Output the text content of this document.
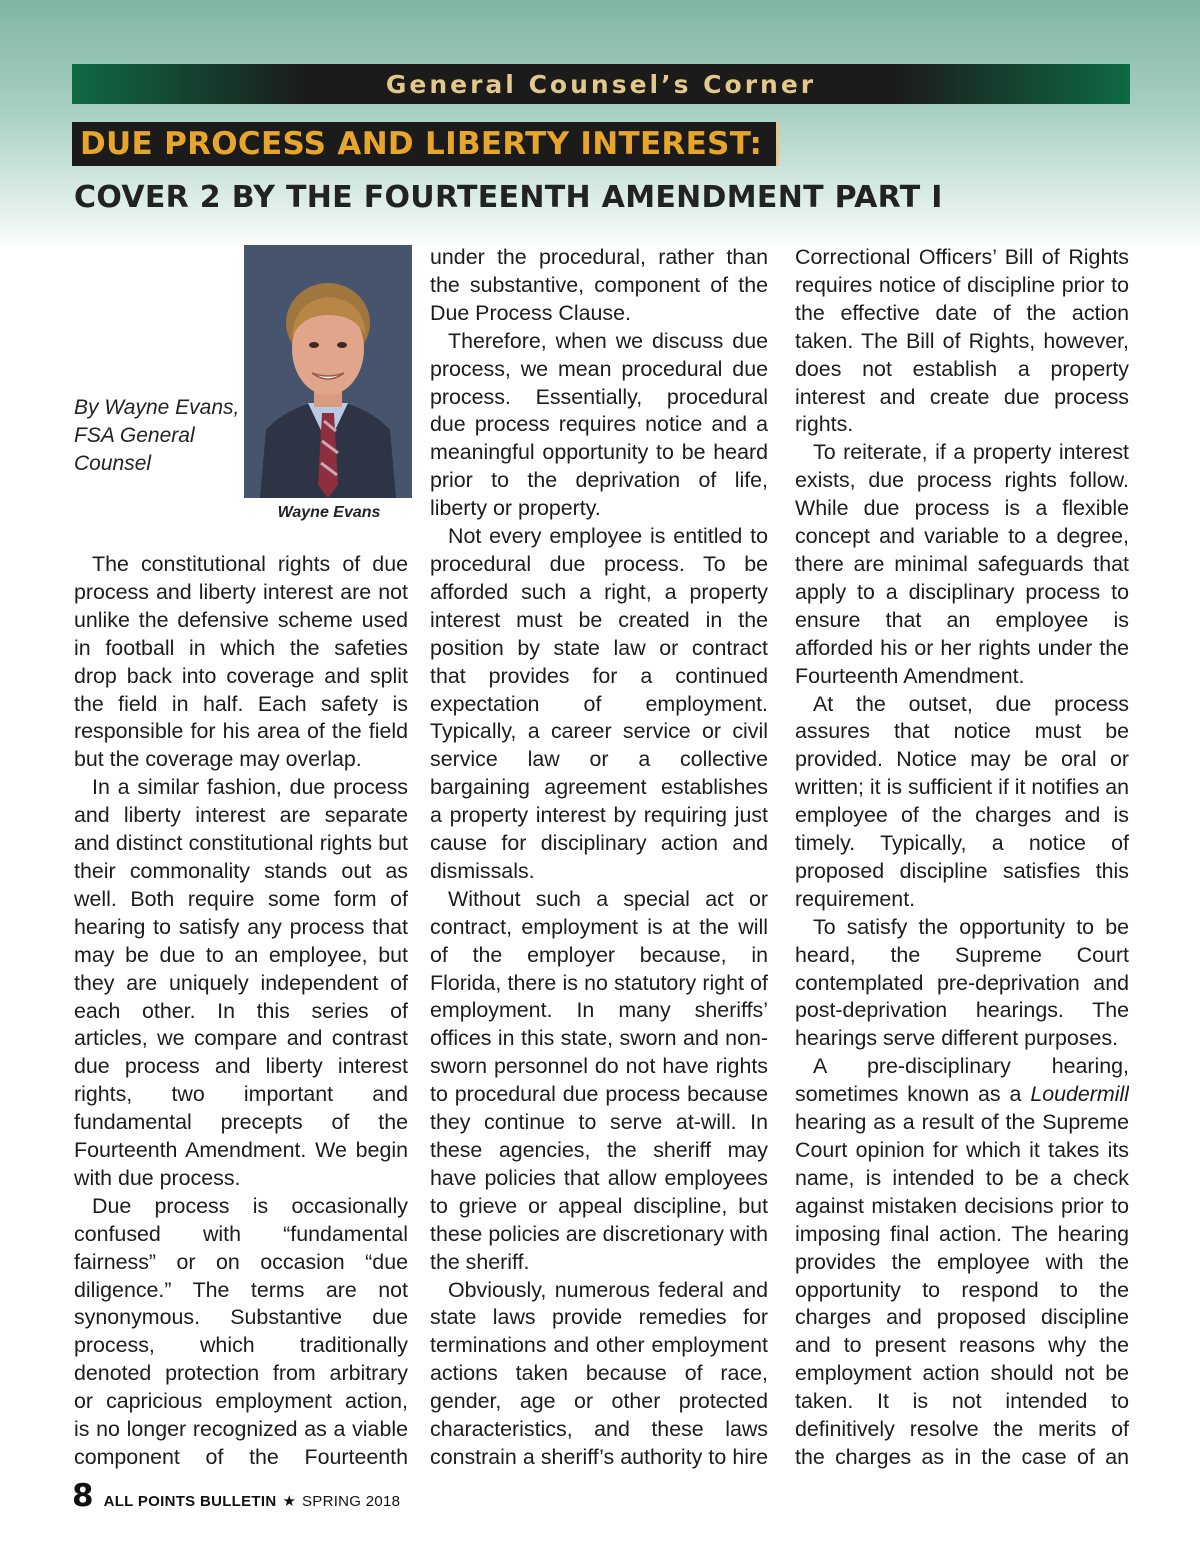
General Counsel’s Corner
DUE PROCESS AND LIBERTY INTEREST:
COVER 2 BY THE FOURTEENTH AMENDMENT PART I
By Wayne Evans,
FSA General
Counsel
Wayne Evans

The constitutional rights of due process and liberty interest are not unlike the defensive scheme used in football in which the safeties drop back into coverage and split the field in half. Each safety is responsible for his area of the field but the coverage may overlap.

In a similar fashion, due process and liberty interest are separate and distinct constitutional rights but their commonality stands out as well. Both require some form of hearing to satisfy any process that may be due to an employee, but they are uniquely independent of each other. In this series of articles, we compare and contrast due process and liberty interest rights, two important and fundamental precepts of the Fourteenth Amendment. We begin with due process.

Due process is occasionally confused with “fundamental fairness” or on occasion “due diligence.” The terms are not synonymous. Substantive due process, which traditionally denoted protection from arbitrary or capricious employment action, is no longer recognized as a viable component of the Fourteenth

under the procedural, rather than the substantive, component of the Due Process Clause.

Therefore, when we discuss due process, we mean procedural due process. Essentially, procedural due process requires notice and a meaningful opportunity to be heard prior to the deprivation of life, liberty or property.

Not every employee is entitled to procedural due process. To be afforded such a right, a property interest must be created in the position by state law or contract that provides for a continued expectation of employment. Typically, a career service or civil service law or a collective bargaining agreement establishes a property interest by requiring just cause for disciplinary action and dismissals.

Without such a special act or contract, employment is at the will of the employer because, in Florida, there is no statutory right of employment. In many sheriffs’ offices in this state, sworn and non-sworn personnel do not have rights to procedural due process because they continue to serve at-will. In these agencies, the sheriff may have policies that allow employees to grieve or appeal discipline, but these policies are discretionary with the sheriff.

Obviously, numerous federal and state laws provide remedies for terminations and other employment actions taken because of race, gender, age or other protected characteristics, and these laws constrain a sheriff’s authority to hire

Correctional Officers’ Bill of Rights requires notice of discipline prior to the effective date of the action taken. The Bill of Rights, however, does not establish a property interest and create due process rights.

To reiterate, if a property interest exists, due process rights follow. While due process is a flexible concept and variable to a degree, there are minimal safeguards that apply to a disciplinary process to ensure that an employee is afforded his or her rights under the Fourteenth Amendment.

At the outset, due process assures that notice must be provided. Notice may be oral or written; it is sufficient if it notifies an employee of the charges and is timely. Typically, a notice of proposed discipline satisfies this requirement.

To satisfy the opportunity to be heard, the Supreme Court contemplated pre-deprivation and post-deprivation hearings. The hearings serve different purposes.

A pre-disciplinary hearing, sometimes known as a Loudermill hearing as a result of the Supreme Court opinion for which it takes its name, is intended to be a check against mistaken decisions prior to imposing final action. The hearing provides the employee with the opportunity to respond to the charges and proposed discipline and to present reasons why the employment action should not be taken. It is not intended to definitively resolve the merits of the charges as in the case of an

8 ALL POINTS BULLETIN ★ SPRING 2018
